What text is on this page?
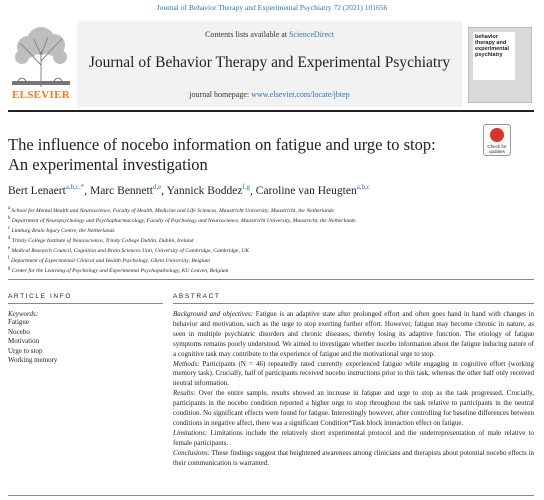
Journal of Behavior Therapy and Experimental Psychiatry 72 (2021) 101656
ELSEVIER
Contents lists available at ScienceDirect
Journal of Behavior Therapy and Experimental Psychiatry
journal homepage: www.elsevier.com/locate/jbtep
behavior therapy and experimental psychiatry
The influence of nocebo information on fatigue and urge to stop: An experimental investigation
Check for updates
Bert Lenaert$^{a,b,c,*}$, Marc Bennett$^{d,e}$, Yannick Boddez$^{f,g}$, Caroline van Heugten$^{a,b,c}$
$^a$ School for Mental Health and Neuroscience, Faculty of Health, Medicine and Life Sciences, Maastricht University, Maastricht, the Netherlands
$^b$ Department of Neuropsychology and Psychopharmacology, Faculty of Psychology and Neuroscience, Maastricht University, Maastricht, the Netherlands
$^c$ Limburg Brain Injury Centre, the Netherlands
$^d$ Trinity College Institute of Neuroscience, Trinity College Dublin, Dublin, Ireland
$^e$ Medical Research Council, Cognition and Brain Sciences Unit, University of Cambridge, Cambridge, UK
$^f$ Department of Experimental Clinical and Health Psychology, Ghent University, Belgium
$^g$ Center for the Learning of Psychology and Experimental Psychopathology, KU Leuven, Belgium
ARTICLE INFO	ABSTRACT
Keywords:
Fatigue
Nocebo
Motivation
Urge to stop
Working memory

Background and objectives: Fatigue is an adaptive state after prolonged effort and often goes hand in hand with changes in behavior and motivation, such as the urge to stop exerting further effort. However, fatigue may become chronic in nature, as seen in multiple psychiatric disorders and chronic diseases, thereby losing its adaptive function. The etiology of fatigue symptoms remains poorly understood. We aimed to investigate whether nocebo information about the fatigue inducing nature of a cognitive task may contribute to the experience of fatigue and the motivational urge to stop.

Methods: Participants (N = 46) repeatedly rated currently experienced fatigue while engaging in cognitive effort (working memory task). Crucially, half of participants received nocebo instructions prior to this task, whereas the other half only received neutral information.

Results: Over the entire sample, results showed an increase in fatigue and urge to stop as the task progressed. Crucially, participants in the nocebo condition reported a higher urge to stop throughout the task relative to participants in the neutral condition. No significant effects were found for fatigue. Interestingly however, after controlling for baseline differences between conditions in negative affect, there was a significant Condition*Task block interaction effect on fatigue.

Limitations: Limitations include the relatively short experimental protocol and the underrepresentation of male relative to female participants.

Conclusions: These findings suggest that heightened awareness among clinicians and therapists about potential nocebo effects in their communication is warranted.
